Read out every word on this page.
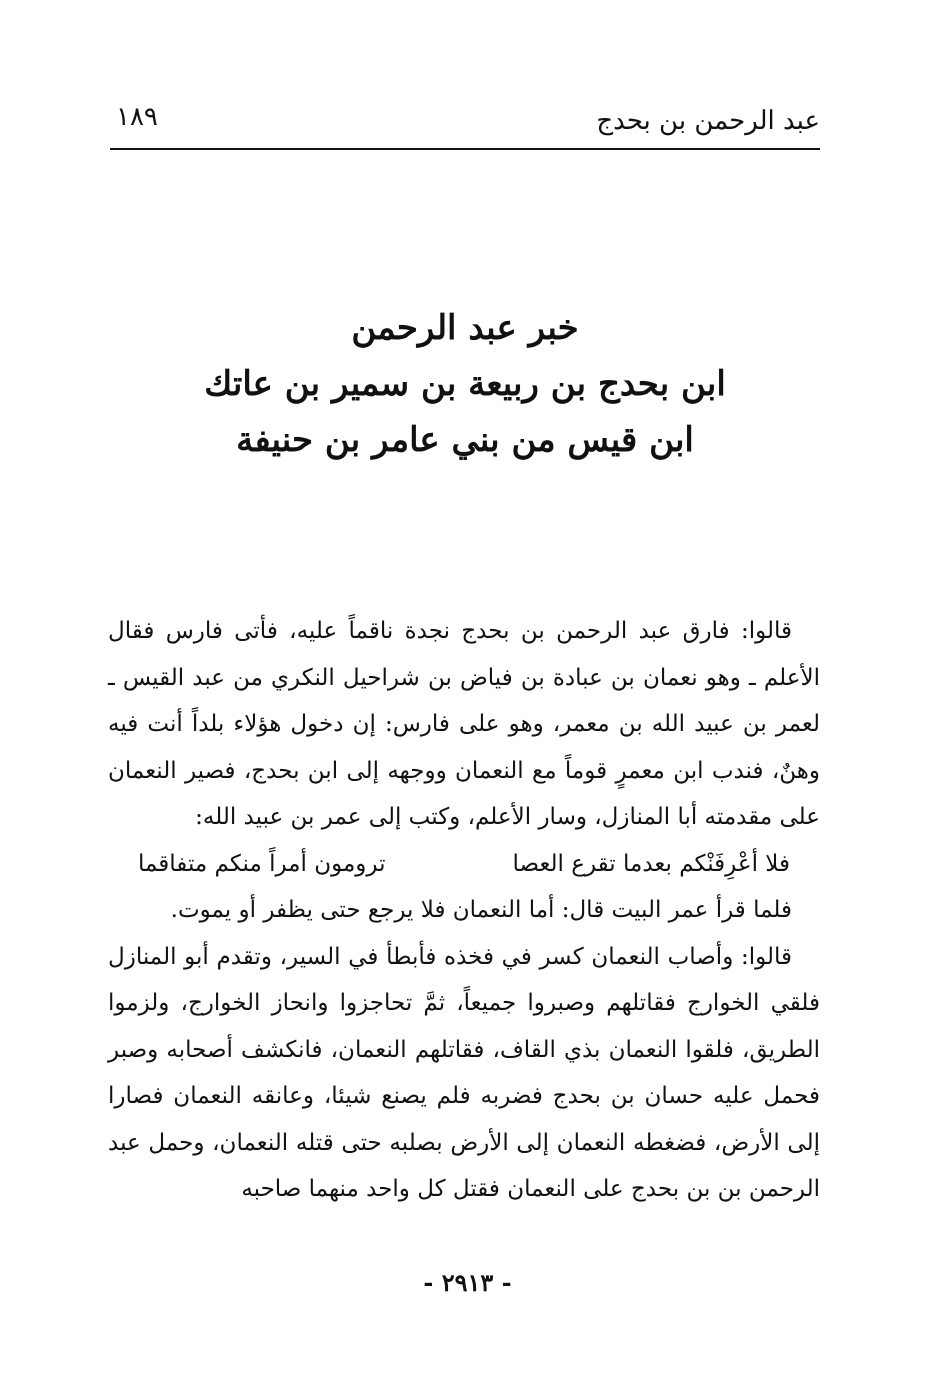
عبد الرحمن بن بحدج
١٨٩
خبر عبد الرحمن
ابن بحدج بن ربيعة بن سمير بن عاتك
ابن قيس من بني عامر بن حنيفة

قالوا: فارق عبد الرحمن بن بحدج نجدة ناقماً عليه، فأتى فارس فقال الأعلم ـ وهو نعمان بن عبادة بن فياض بن شراحيل النكري من عبد القيس ـ لعمر بن عبيد الله بن معمر، وهو على فارس: إن دخول هؤلاء بلداً أنت فيه وهنٌ، فندب ابن معمرٍ قوماً مع النعمان ووجهه إلى ابن بحدج، فصير النعمان على مقدمته أبا المنازل، وسار الأعلم، وكتب إلى عمر بن عبيد الله:

فلا أعْرِفَنْكم بعدما تقرع العصا
ترومون أمراً منكم متفاقما

فلما قرأ عمر البيت قال: أما النعمان فلا يرجع حتى يظفر أو يموت.

قالوا: وأصاب النعمان كسر في فخذه فأبطأ في السير، وتقدم أبو المنازل فلقي الخوارج فقاتلهم وصبروا جميعاً، ثمَّ تحاجزوا وانحاز الخوارج، ولزموا الطريق، فلقوا النعمان بذي القاف، فقاتلهم النعمان، فانكشف أصحابه وصبر فحمل عليه حسان بن بحدج فضربه فلم يصنع شيئا، وعانقه النعمان فصارا إلى الأرض، فضغطه النعمان إلى الأرض بصلبه حتى قتله النعمان، وحمل عبد الرحمن بن بن بحدج على النعمان فقتل كل واحد منهما صاحبه

- ٢٩١٣ -
